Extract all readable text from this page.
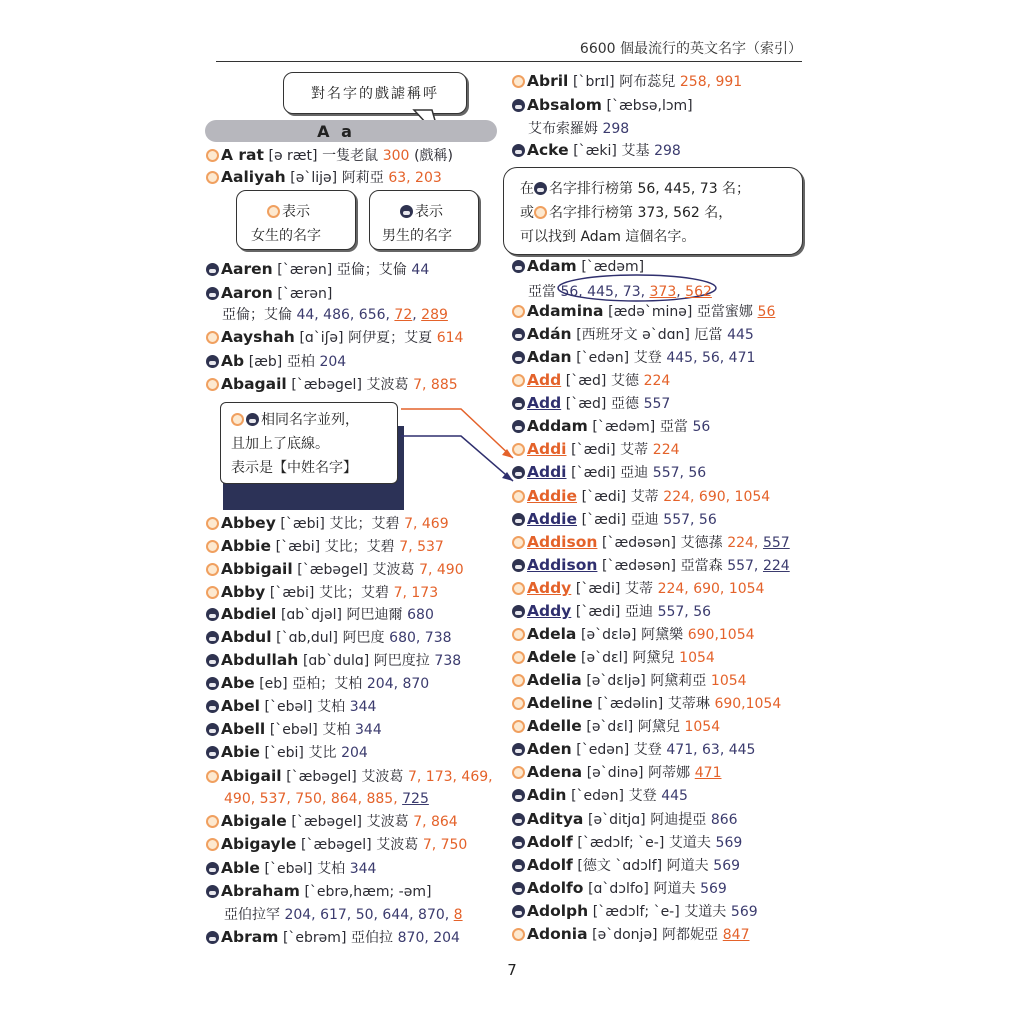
6600 個最流行的英文名字（索引）
對名字的戲謔稱呼
A a
表示
女生的名字
表示
男生的名字
在 名字排行榜第 56, 445, 73 名；
或 名字排行榜第 373, 562 名，
可以找到 Adam 這個名字。
相同名字並列，
且加上了底線。
表示是【中姓名字】
A rat [ə ræt] 一隻老鼠 300 (戲稱)
Aaliyah [ə`lijə] 阿莉亞 63, 203
Aaren [`ærən] 亞倫；艾倫 44
Aaron [`ærən]
Aayshah [ɑ`iʃə] 阿伊夏；艾夏 614
Ab [æb] 亞柏 204
Abagail [`æbəgel] 艾波葛 7, 885
Abbey [`æbi] 艾比；艾碧 7, 469
Abbie [`æbi] 艾比；艾碧 7, 537
Abbigail [`æbəgel] 艾波葛 7, 490
Abby [`æbi] 艾比；艾碧 7, 173
Abdiel [ɑb`djəl] 阿巴迪爾 680
Abdul [`ɑb,dul] 阿巴度 680, 738
Abdullah [ɑb`dulɑ] 阿巴度拉 738
Abe [eb] 亞柏；艾柏 204, 870
Abel [`ebəl] 艾柏 344
Abell [`ebəl] 艾柏 344
Abie [`ebi] 艾比 204
Abigail [`æbəgel] 艾波葛 7, 173, 469,
Abigale [`æbəgel] 艾波葛 7, 864
Abigayle [`æbəgel] 艾波葛 7, 750
Able [`ebəl] 艾柏 344
Abraham [`ebrə,hæm; -əm]
Abram [`ebrəm] 亞伯拉 870, 204
Abril [`brɪl] 阿布蕊兒 258, 991
Absalom [`æbsə,lɔm]
Acke [`æki] 艾基 298
Adamina [ædə`minə] 亞當蜜娜 56
Adán [西班牙文 ə`dɑn] 厄當 445
Adan [`edən] 艾登 445, 56, 471
Add [`æd] 艾德 224
Add [`æd] 亞德 557
Addam [`ædəm] 亞當 56
Addi [`ædi] 艾蒂 224
Addi [`ædi] 亞迪 557, 56
Addie [`ædi] 艾蒂 224, 690, 1054
Addie [`ædi] 亞迪 557, 56
Addison [`ædəsən] 艾德蓀 224, 557
Addison [`ædəsən] 亞當森 557, 224
Addy [`ædi] 艾蒂 224, 690, 1054
Addy [`ædi] 亞迪 557, 56
Adela [ə`dɛlə] 阿黛樂 690,1054
Adele [ə`dɛl] 阿黛兒 1054
Adelia [ə`dɛljə] 阿黛莉亞 1054
Adeline [`ædəlin] 艾蒂琳 690,1054
Adelle [ə`dɛl] 阿黛兒 1054
Aden [`edən] 艾登 471, 63, 445
Adena [ə`dinə] 阿蒂娜 471
Adin [`edən] 艾登 445
Aditya [ə`ditjɑ] 阿迪提亞 866
Adolf [`ædɔlf; `e-] 艾道夫 569
Adolf [德文 `ɑdɔlf] 阿道夫 569
Adolfo [ɑ`dɔlfo] 阿道夫 569
Adolph [`ædɔlf; `e-] 艾道夫 569
Adonia [ə`donjə] 阿都妮亞 847
亞倫；艾倫 44, 486, 656, 72, 289
490, 537, 750, 864, 885, 725
亞伯拉罕 204, 617, 50, 644, 870, 8
艾布索羅姆 298
Adam [`ædəm]
亞當 56, 445, 73, 373, 562
7
